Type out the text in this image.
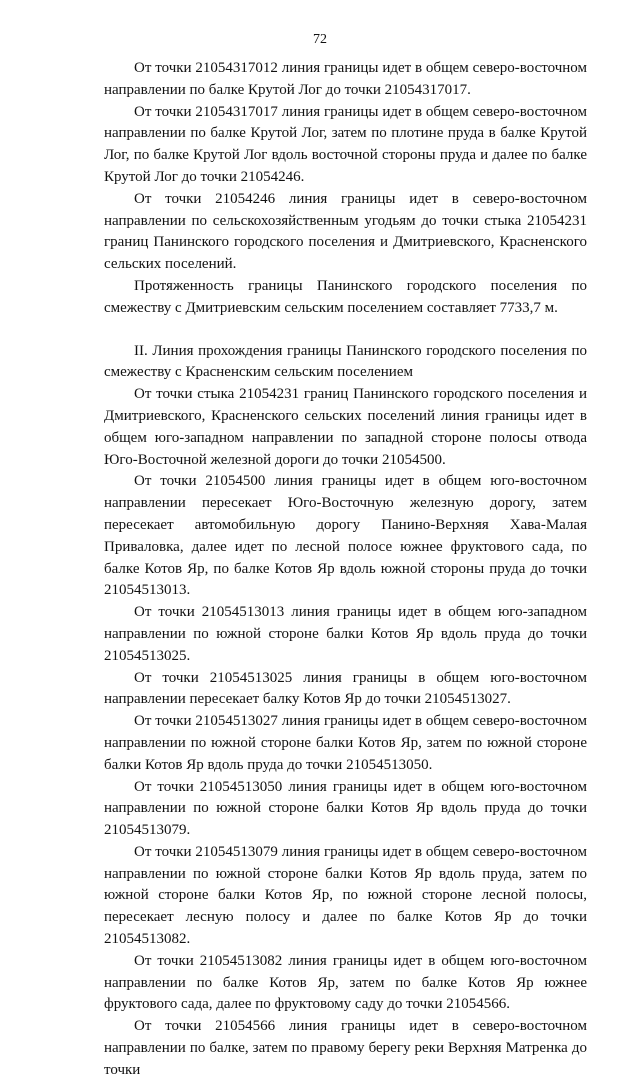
72

От точки 21054317012 линия границы идет в общем северо-восточном направлении по балке Крутой Лог до точки 21054317017.

От точки 21054317017 линия границы идет в общем северо-восточном направлении по балке Крутой Лог, затем по плотине пруда в балке Крутой Лог, по балке Крутой Лог вдоль восточной стороны пруда и далее по балке Крутой Лог до точки 21054246.

От точки 21054246 линия границы идет в северо-восточном направлении по сельскохозяйственным угодьям до точки стыка 21054231 границ Панинского городского поселения и Дмитриевского, Красненского сельских поселений.

Протяженность границы Панинского городского поселения по смежеству с Дмитриевским сельским поселением составляет 7733,7 м.

II. Линия прохождения границы Панинского городского поселения по смежеству с Красненским сельским поселением

От точки стыка 21054231 границ Панинского городского поселения и Дмитриевского, Красненского сельских поселений линия границы идет в общем юго-западном направлении по западной стороне полосы отвода Юго-Восточной железной дороги до точки 21054500.

От точки 21054500 линия границы идет в общем юго-восточном направлении пересекает Юго-Восточную железную дорогу, затем пересекает автомобильную дорогу Панино-Верхняя Хава-Малая Приваловка, далее идет по лесной полосе южнее фруктового сада, по балке Котов Яр, по балке Котов Яр вдоль южной стороны пруда до точки 21054513013.

От точки 21054513013 линия границы идет в общем юго-западном направлении по южной стороне балки Котов Яр вдоль пруда до точки 21054513025.

От точки 21054513025 линия границы в общем юго-восточном направлении пересекает балку Котов Яр до точки 21054513027.

От точки 21054513027 линия границы идет в общем северо-восточном направлении по южной стороне балки Котов Яр, затем по южной стороне балки Котов Яр вдоль пруда до точки 21054513050.

От точки 21054513050 линия границы идет в общем юго-восточном направлении по южной стороне балки Котов Яр вдоль пруда до точки 21054513079.

От точки 21054513079 линия границы идет в общем северо-восточном направлении по южной стороне балки Котов Яр вдоль пруда, затем по южной стороне балки Котов Яр, по южной стороне лесной полосы, пересекает лесную полосу и далее по балке Котов Яр до точки 21054513082.

От точки 21054513082 линия границы идет в общем юго-восточном направлении по балке Котов Яр, затем по балке Котов Яр южнее фруктового сада, далее по фруктовому саду до точки 21054566.

От точки 21054566 линия границы идет в северо-восточном направлении по балке, затем по правому берегу реки Верхняя Матренка до точки
